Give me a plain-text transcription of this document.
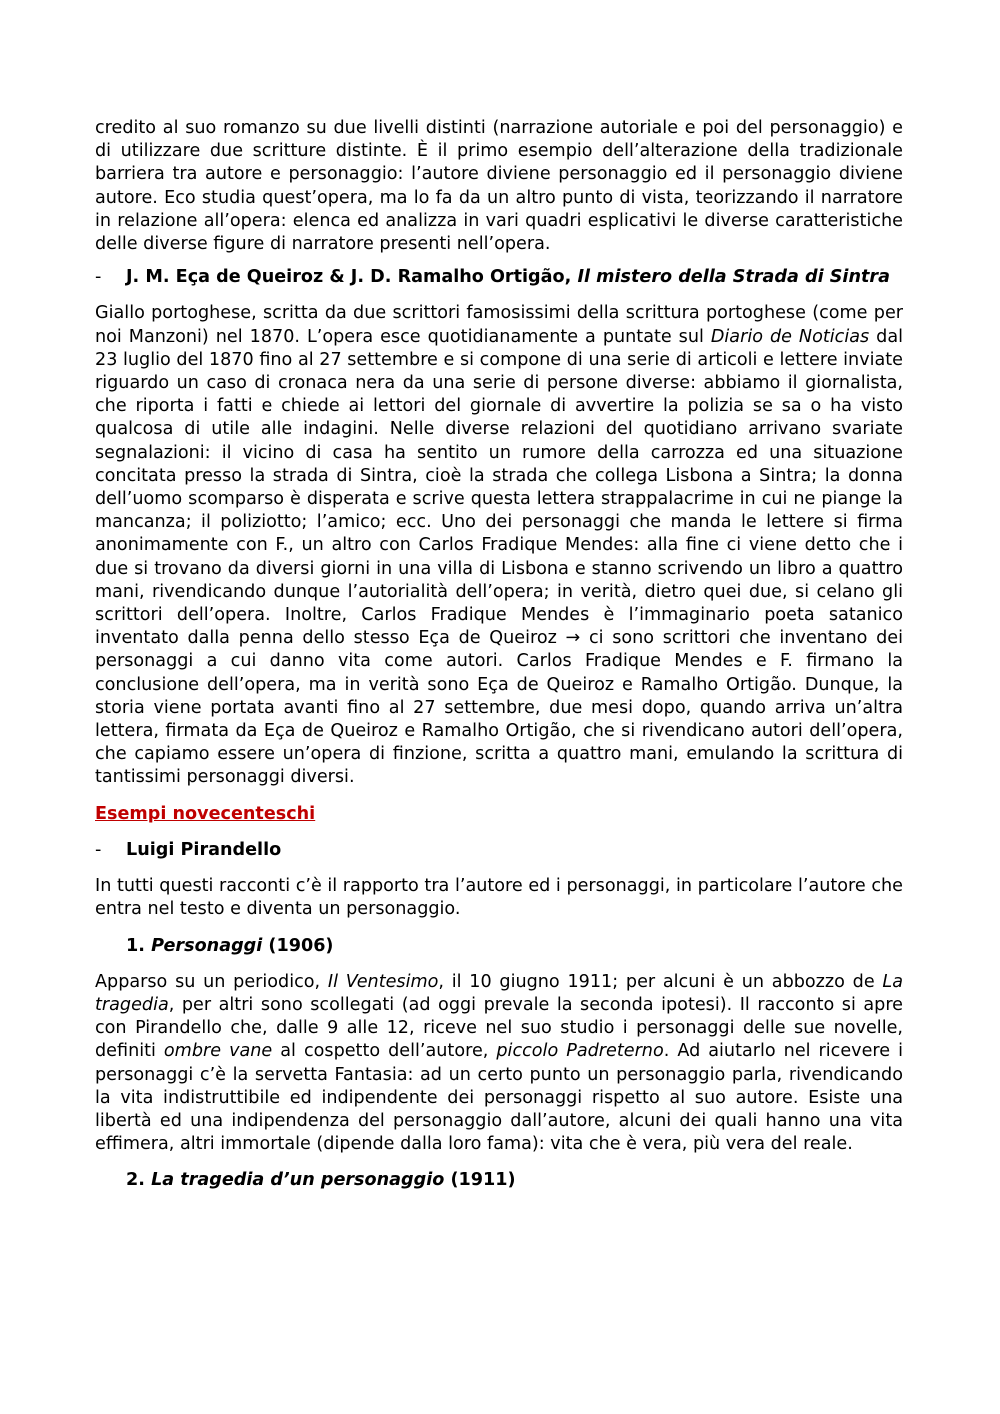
credito al suo romanzo su due livelli distinti (narrazione autoriale e poi del personaggio) e di utilizzare due scritture distinte. È il primo esempio dell’alterazione della tradizionale barriera tra autore e personaggio: l’autore diviene personaggio ed il personaggio diviene autore. Eco studia quest’opera, ma lo fa da un altro punto di vista, teorizzando il narratore in relazione all’opera: elenca ed analizza in vari quadri esplicativi le diverse caratteristiche delle diverse figure di narratore presenti nell’opera.

- J. M. Eça de Queiroz & J. D. Ramalho Ortigão, Il mistero della Strada di Sintra

Giallo portoghese, scritta da due scrittori famosissimi della scrittura portoghese (come per noi Manzoni) nel 1870. L’opera esce quotidianamente a puntate sul Diario de Noticias dal 23 luglio del 1870 fino al 27 settembre e si compone di una serie di articoli e lettere inviate riguardo un caso di cronaca nera da una serie di persone diverse: abbiamo il giornalista, che riporta i fatti e chiede ai lettori del giornale di avvertire la polizia se sa o ha visto qualcosa di utile alle indagini. Nelle diverse relazioni del quotidiano arrivano svariate segnalazioni: il vicino di casa ha sentito un rumore della carrozza ed una situazione concitata presso la strada di Sintra, cioè la strada che collega Lisbona a Sintra; la donna dell’uomo scomparso è disperata e scrive questa lettera strappalacrime in cui ne piange la mancanza; il poliziotto; l’amico; ecc. Uno dei personaggi che manda le lettere si firma anonimamente con F., un altro con Carlos Fradique Mendes: alla fine ci viene detto che i due si trovano da diversi giorni in una villa di Lisbona e stanno scrivendo un libro a quattro mani, rivendicando dunque l’autorialità dell’opera; in verità, dietro quei due, si celano gli scrittori dell’opera. Inoltre, Carlos Fradique Mendes è l’immaginario poeta satanico inventato dalla penna dello stesso Eça de Queiroz → ci sono scrittori che inventano dei personaggi a cui danno vita come autori. Carlos Fradique Mendes e F. firmano la conclusione dell’opera, ma in verità sono Eça de Queiroz e Ramalho Ortigão. Dunque, la storia viene portata avanti fino al 27 settembre, due mesi dopo, quando arriva un’altra lettera, firmata da Eça de Queiroz e Ramalho Ortigão, che si rivendicano autori dell’opera, che capiamo essere un’opera di finzione, scritta a quattro mani, emulando la scrittura di tantissimi personaggi diversi.

Esempi novecenteschi

- Luigi Pirandello

In tutti questi racconti c’è il rapporto tra l’autore ed i personaggi, in particolare l’autore che entra nel testo e diventa un personaggio.

1. Personaggi (1906)

Apparso su un periodico, Il Ventesimo, il 10 giugno 1911; per alcuni è un abbozzo de La tragedia, per altri sono scollegati (ad oggi prevale la seconda ipotesi). Il racconto si apre con Pirandello che, dalle 9 alle 12, riceve nel suo studio i personaggi delle sue novelle, definiti ombre vane al cospetto dell’autore, piccolo Padreterno. Ad aiutarlo nel ricevere i personaggi c’è la servetta Fantasia: ad un certo punto un personaggio parla, rivendicando la vita indistruttibile ed indipendente dei personaggi rispetto al suo autore. Esiste una libertà ed una indipendenza del personaggio dall’autore, alcuni dei quali hanno una vita effimera, altri immortale (dipende dalla loro fama): vita che è vera, più vera del reale.

2. La tragedia d’un personaggio (1911)
